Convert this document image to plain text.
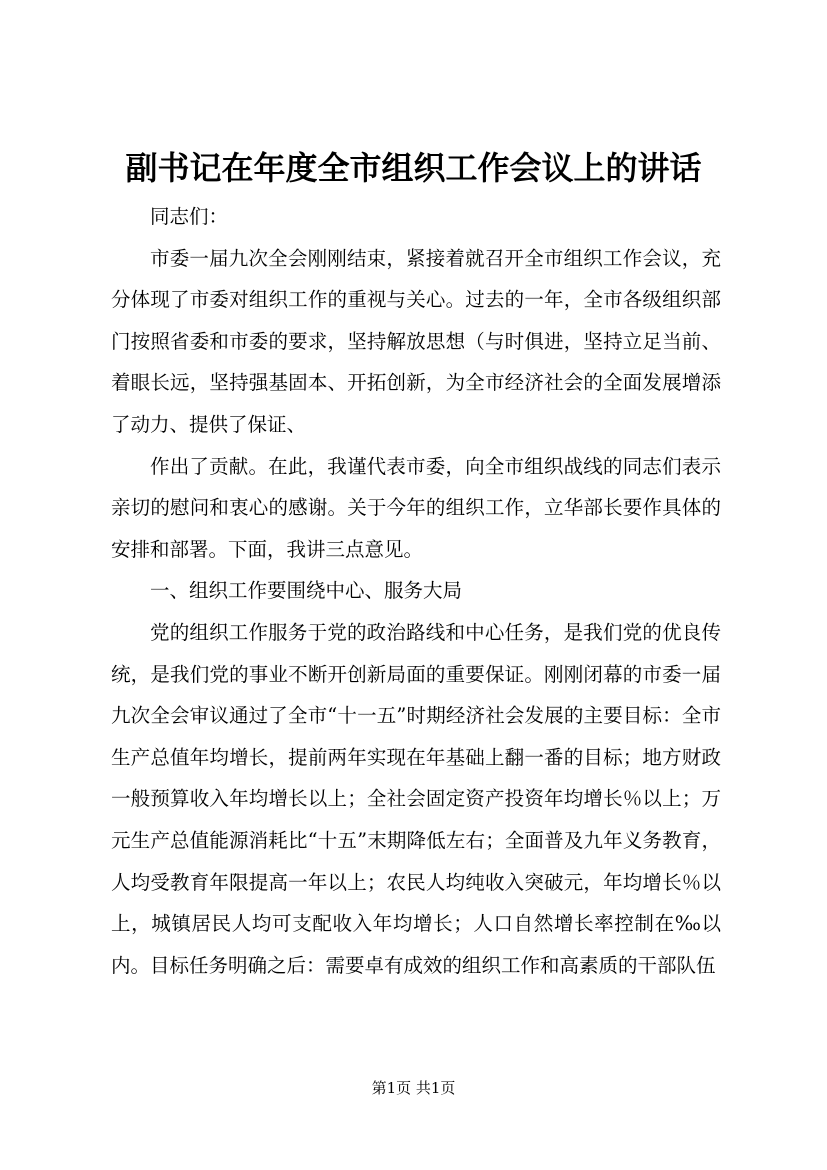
副书记在年度全市组织工作会议上的讲话

同志们：

市委一届九次全会刚刚结束，紧接着就召开全市组织工作会议，充分体现了市委对组织工作的重视与关心。过去的一年，全市各级组织部门按照省委和市委的要求，坚持解放思想（与时俱进，坚持立足当前、着眼长远，坚持强基固本、开拓创新，为全市经济社会的全面发展增添了动力、提供了保证、

作出了贡献。在此，我谨代表市委，向全市组织战线的同志们表示亲切的慰问和衷心的感谢。关于今年的组织工作，立华部长要作具体的安排和部署。下面，我讲三点意见。

一、组织工作要围绕中心、服务大局

党的组织工作服务于党的政治路线和中心任务，是我们党的优良传统，是我们党的事业不断开创新局面的重要保证。刚刚闭幕的市委一届九次全会审议通过了全市“十一五”时期经济社会发展的主要目标：全市生产总值年均增长，提前两年实现在年基础上翻一番的目标；地方财政一般预算收入年均增长以上；全社会固定资产投资年均增长％以上；万元生产总值能源消耗比“十五”末期降低左右；全面普及九年义务教育，人均受教育年限提高一年以上；农民人均纯收入突破元，年均增长％以上，城镇居民人均可支配收入年均增长；人口自然增长率控制在‰以内。目标任务明确之后：需要卓有成效的组织工作和高素质的干部队伍

第1页 共1页
